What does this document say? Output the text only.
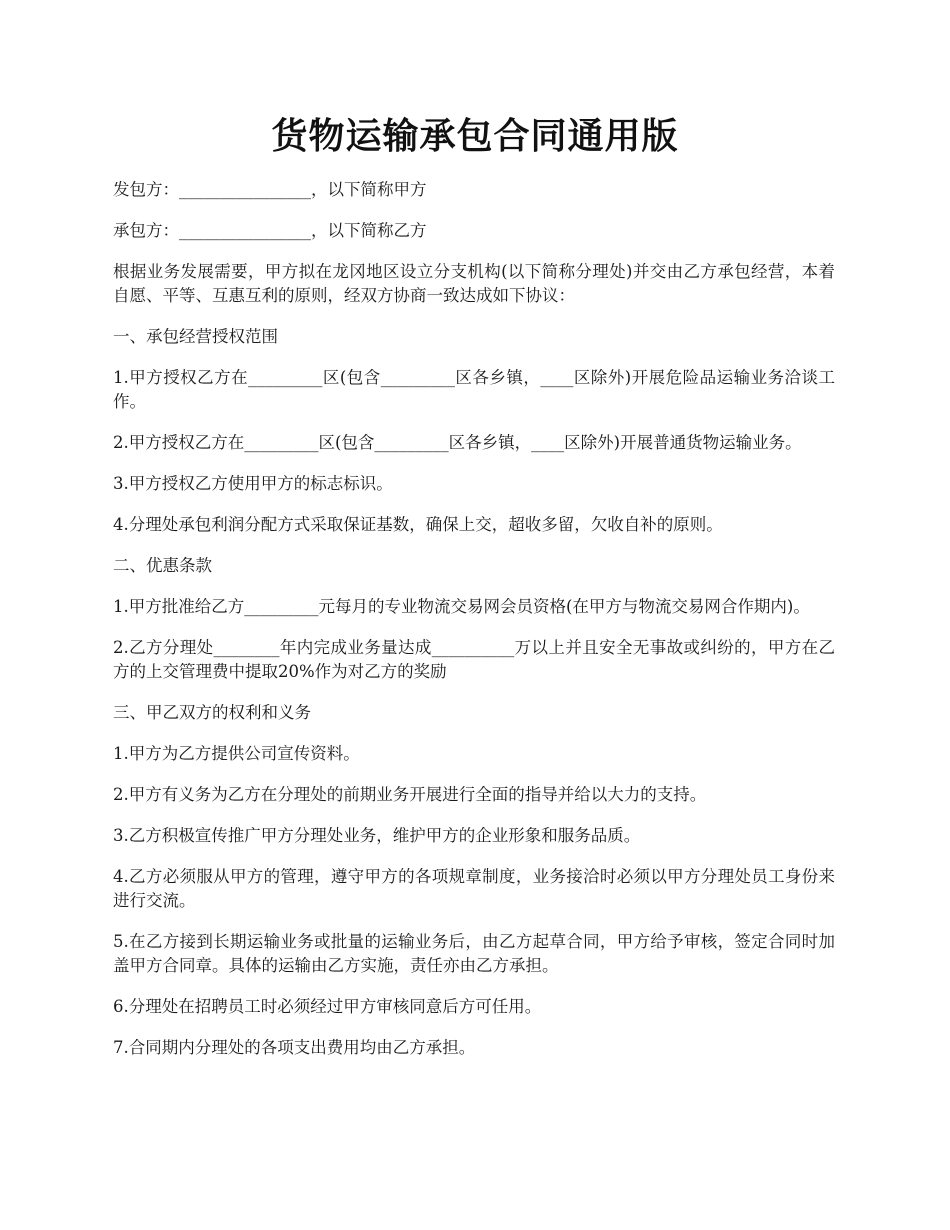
货物运输承包合同通用版

发包方：________________，以下简称甲方

承包方：________________，以下简称乙方

根据业务发展需要，甲方拟在龙冈地区设立分支机构(以下简称分理处)并交由乙方承包经营，本着自愿、平等、互惠互利的原则，经双方协商一致达成如下协议：

一、承包经营授权范围

1.甲方授权乙方在_________区(包含_________区各乡镇，____区除外)开展危险品运输业务洽谈工作。

2.甲方授权乙方在_________区(包含_________区各乡镇，____区除外)开展普通货物运输业务。

3.甲方授权乙方使用甲方的标志标识。

4.分理处承包利润分配方式采取保证基数，确保上交，超收多留，欠收自补的原则。

二、优惠条款

1.甲方批准给乙方_________元每月的专业物流交易网会员资格(在甲方与物流交易网合作期内)。

2.乙方分理处________年内完成业务量达成__________万以上并且安全无事故或纠纷的，甲方在乙方的上交管理费中提取20%作为对乙方的奖励

三、甲乙双方的权利和义务

1.甲方为乙方提供公司宣传资料。

2.甲方有义务为乙方在分理处的前期业务开展进行全面的指导并给以大力的支持。

3.乙方积极宣传推广甲方分理处业务，维护甲方的企业形象和服务品质。

4.乙方必须服从甲方的管理，遵守甲方的各项规章制度，业务接洽时必须以甲方分理处员工身份来进行交流。

5.在乙方接到长期运输业务或批量的运输业务后，由乙方起草合同，甲方给予审核，签定合同时加盖甲方合同章。具体的运输由乙方实施，责任亦由乙方承担。

6.分理处在招聘员工时必须经过甲方审核同意后方可任用。

7.合同期内分理处的各项支出费用均由乙方承担。
